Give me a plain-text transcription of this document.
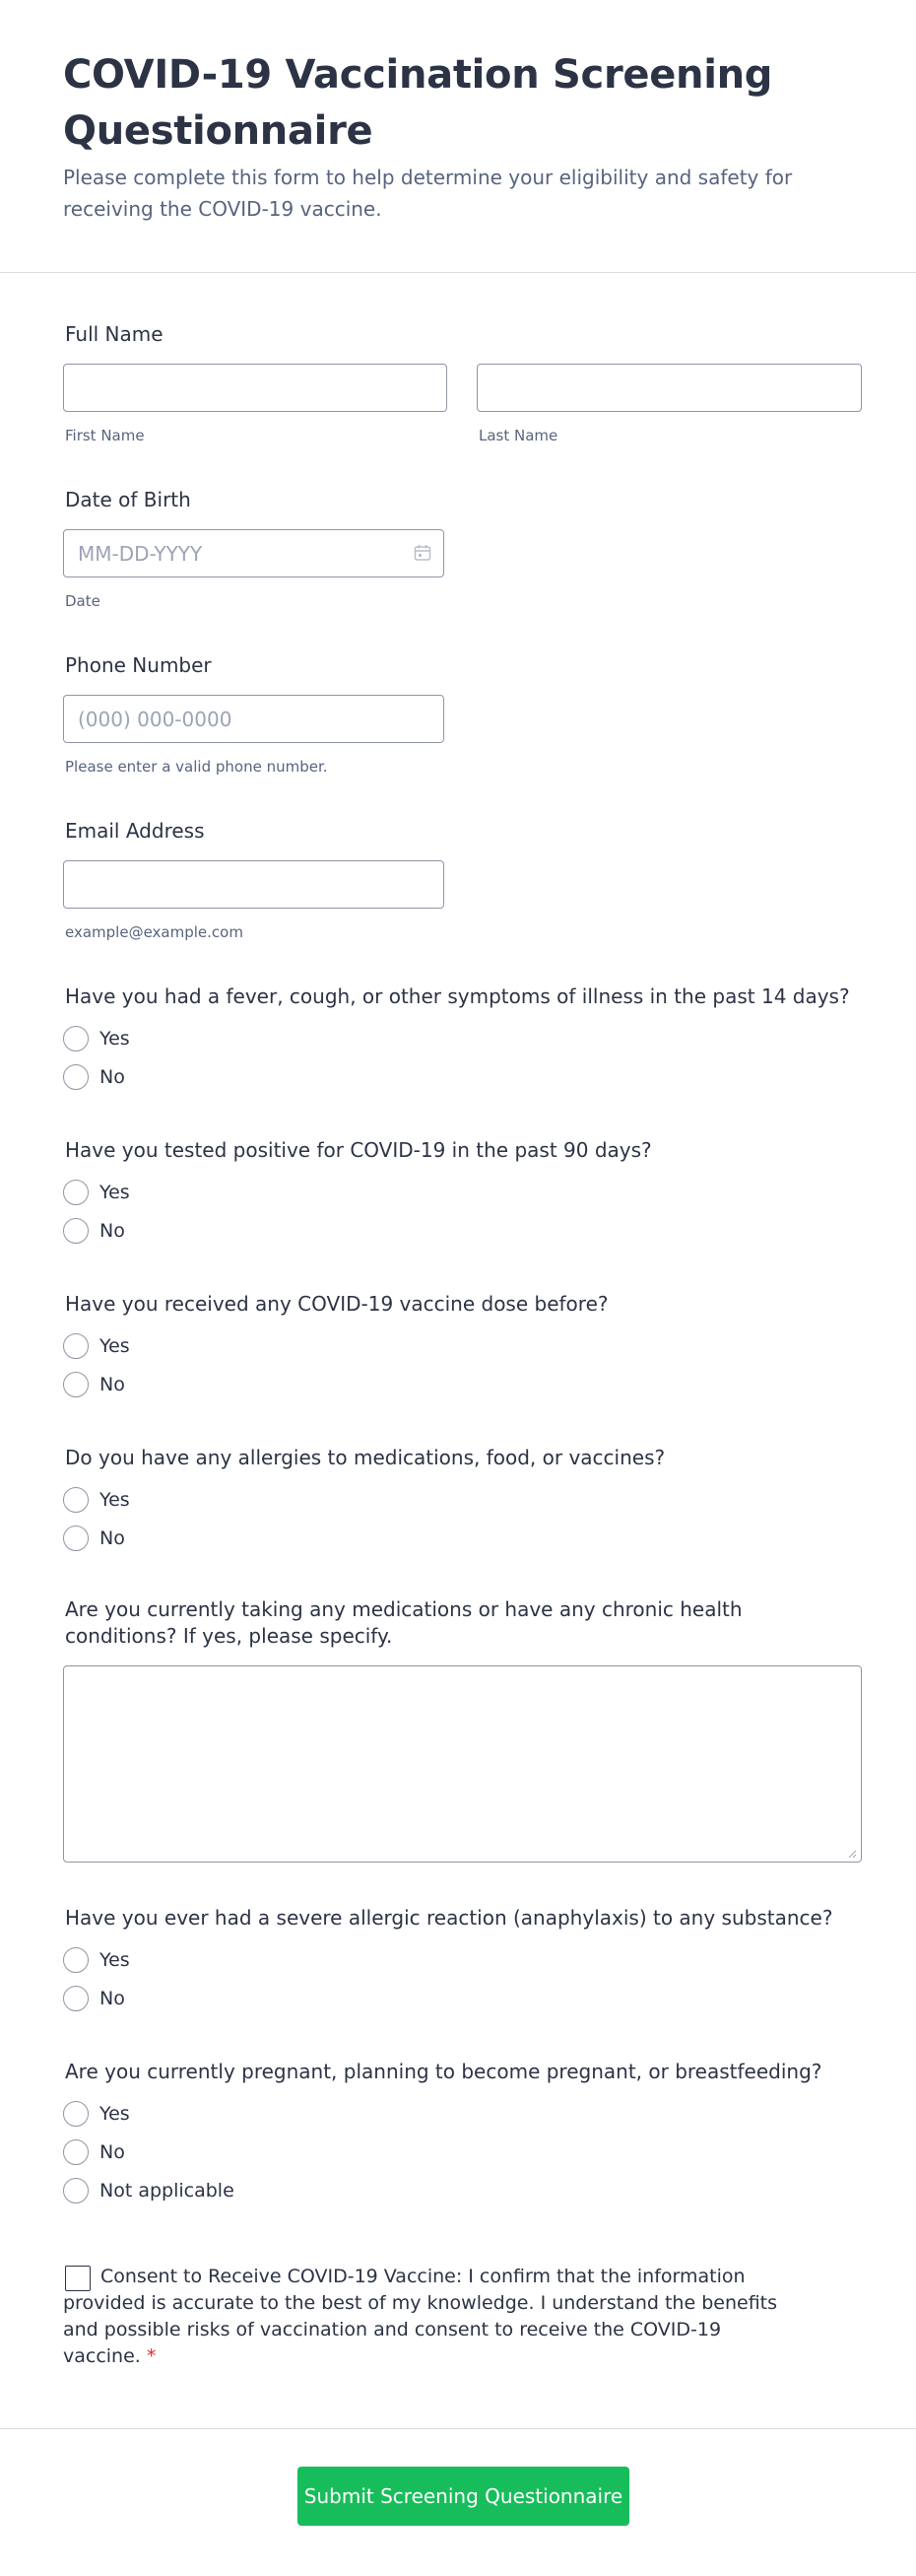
COVID-19 Vaccination Screening Questionnaire

Please complete this form to help determine your eligibility and safety for receiving the COVID-19 vaccine.

Full Name
First Name	Last Name
Date of Birth
MM-DD-YYYY
Date
Phone Number
(000) 000-0000
Please enter a valid phone number.
Email Address
example@example.com
Have you had a fever, cough, or other symptoms of illness in the past 14 days?
Yes
No
Have you tested positive for COVID-19 in the past 90 days?
Yes
No
Have you received any COVID-19 vaccine dose before?
Yes
No
Do you have any allergies to medications, food, or vaccines?
Yes
No
Are you currently taking any medications or have any chronic health conditions? If yes, please specify.
Have you ever had a severe allergic reaction (anaphylaxis) to any substance?
Yes
No
Are you currently pregnant, planning to become pregnant, or breastfeeding?
Yes
No
Not applicable
Consent to Receive COVID-19 Vaccine: I confirm that the information provided is accurate to the best of my knowledge. I understand the benefits and possible risks of vaccination and consent to receive the COVID-19 vaccine. *
Submit Screening Questionnaire
